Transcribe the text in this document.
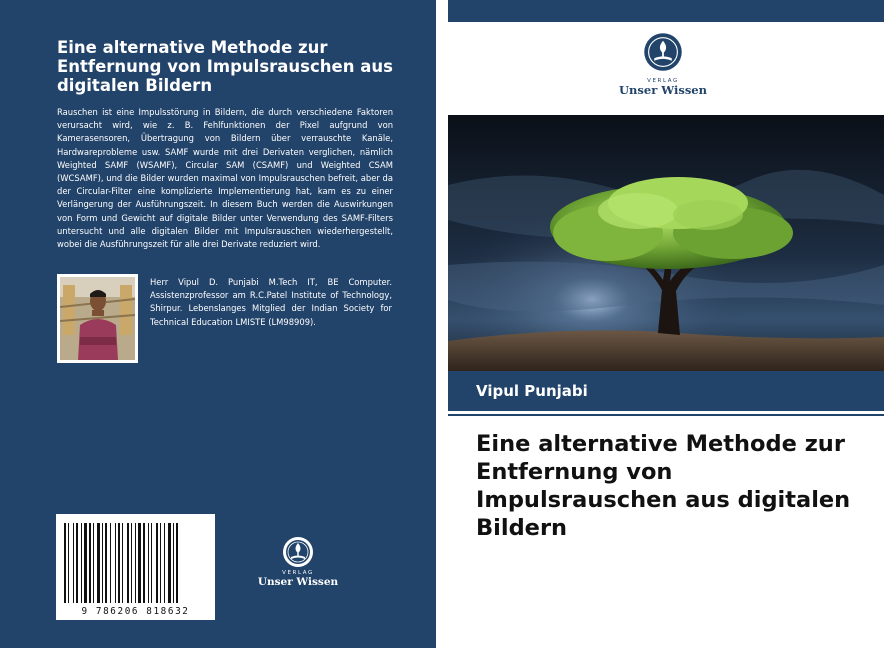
Eine alternative Methode zur Entfernung von Impulsrauschen aus digitalen Bildern

Rauschen ist eine Impulsstörung in Bildern, die durch verschiedene Faktoren verursacht wird, wie z. B. Fehlfunktionen der Pixel aufgrund von Kamerasensoren, Übertragung von Bildern über verrauschte Kanäle, Hardwareprobleme usw. SAMF wurde mit drei Derivaten verglichen, nämlich Weighted SAMF (WSAMF), Circular SAM (CSAMF) und Weighted CSAM (WCSAMF), und die Bilder wurden maximal von Impulsrauschen befreit, aber da der Circular-Filter eine komplizierte Implementierung hat, kam es zu einer Verlängerung der Ausführungszeit. In diesem Buch werden die Auswirkungen von Form und Gewicht auf digitale Bilder unter Verwendung des SAMF-Filters untersucht und alle digitalen Bilder mit Impulsrauschen wiederhergestellt, wobei die Ausführungszeit für alle drei Derivate reduziert wird.

Herr Vipul D. Punjabi M.Tech IT, BE Computer. Assistenzprofessor am R.C.Patel Institute of Technology, Shirpur. Lebenslanges Mitglied der Indian Society for Technical Education LMISTE (LM98909).

9 786206 818632
VERLAG
Unser Wissen
VERLAG
Unser Wissen

Vipul Punjabi

Eine alternative Methode zur Entfernung von Impulsrauschen aus digitalen Bildern
